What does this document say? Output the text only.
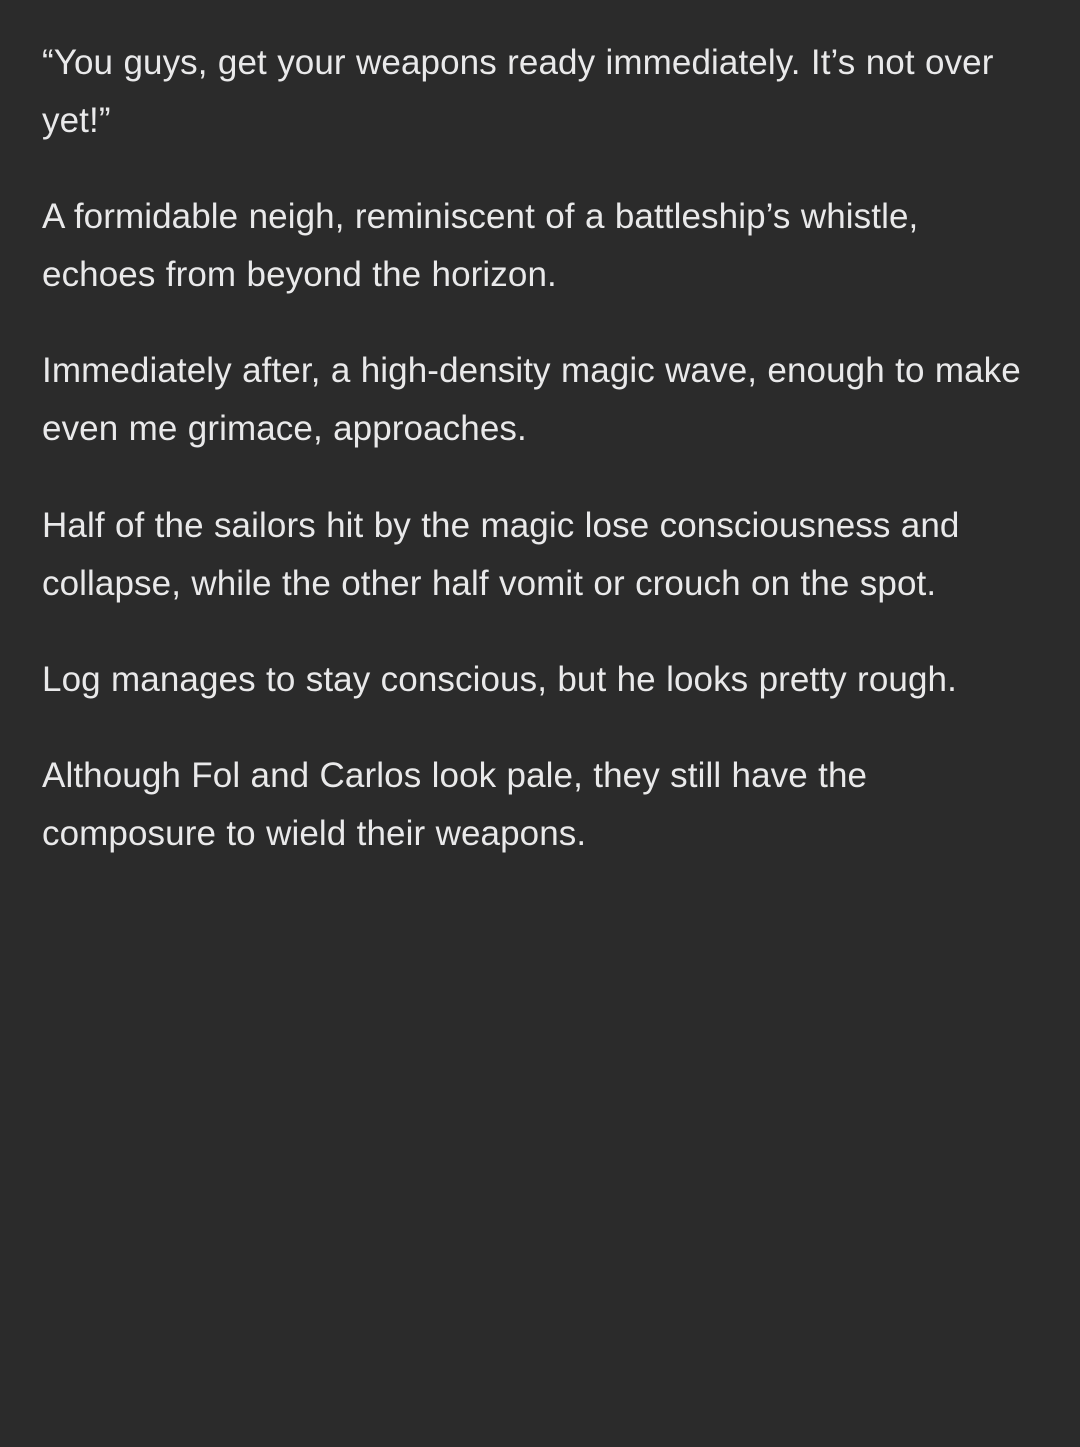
“You guys, get your weapons ready immediately. It’s not over yet!”

A formidable neigh, reminiscent of a battleship’s whistle, echoes from beyond the horizon.

Immediately after, a high-density magic wave, enough to make even me grimace, approaches.

Half of the sailors hit by the magic lose consciousness and collapse, while the other half vomit or crouch on the spot.

Log manages to stay conscious, but he looks pretty rough.

Although Fol and Carlos look pale, they still have the composure to wield their weapons.
